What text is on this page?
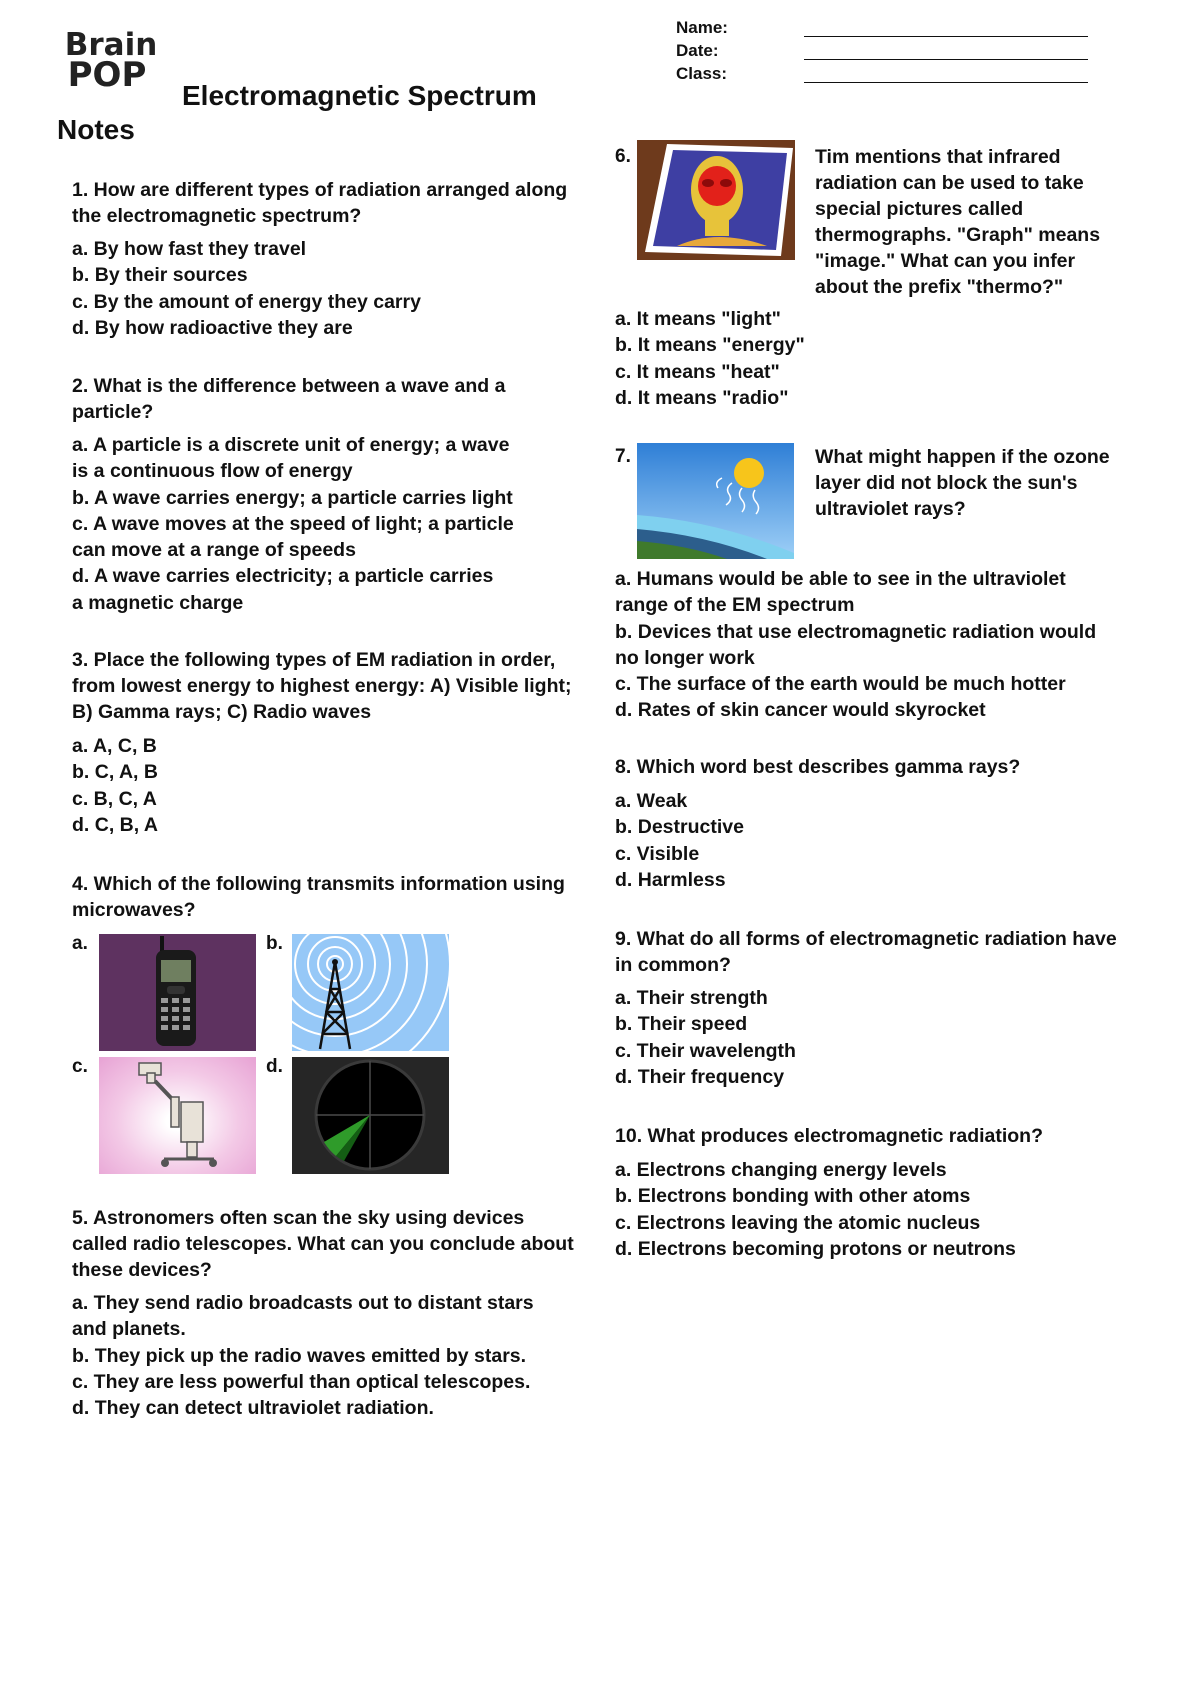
Brain
POP
Electromagnetic Spectrum
Notes
Name:
Date:
Class:
1. How are different types of radiation arranged along
the electromagnetic spectrum?
a. By how fast they travel
b. By their sources
c. By the amount of energy they carry
d. By how radioactive they are
2. What is the difference between a wave and a
particle?
a. A particle is a discrete unit of energy; a wave
is a continuous flow of energy
b. A wave carries energy; a particle carries light
c. A wave moves at the speed of light; a particle
can move at a range of speeds
d. A wave carries electricity; a particle carries
a magnetic charge
3. Place the following types of EM radiation in order,
from lowest energy to highest energy: A) Visible light;
B) Gamma rays; C) Radio waves
a. A, C, B
b. C, A, B
c. B, C, A
d. C, B, A
4. Which of the following transmits information using
microwaves?
a.	b.
c.	d.
5. Astronomers often scan the sky using devices
called radio telescopes. What can you conclude about
these devices?
a. They send radio broadcasts out to distant stars
and planets.
b. They pick up the radio waves emitted by stars.
c. They are less powerful than optical telescopes.
d. They can detect ultraviolet radiation.
6.	Tim mentions that infrared
radiation can be used to take
special pictures called
thermographs. "Graph" means
"image." What can you infer
about the prefix "thermo?"
a. It means "light"
b. It means "energy"
c. It means "heat"
d. It means "radio"
7.	What might happen if the ozone
layer did not block the sun's
ultraviolet rays?
a. Humans would be able to see in the ultraviolet
range of the EM spectrum
b. Devices that use electromagnetic radiation would
no longer work
c. The surface of the earth would be much hotter
d. Rates of skin cancer would skyrocket
8. Which word best describes gamma rays?
a. Weak
b. Destructive
c. Visible
d. Harmless
9. What do all forms of electromagnetic radiation have
in common?
a. Their strength
b. Their speed
c. Their wavelength
d. Their frequency
10. What produces electromagnetic radiation?
a. Electrons changing energy levels
b. Electrons bonding with other atoms
c. Electrons leaving the atomic nucleus
d. Electrons becoming protons or neutrons
